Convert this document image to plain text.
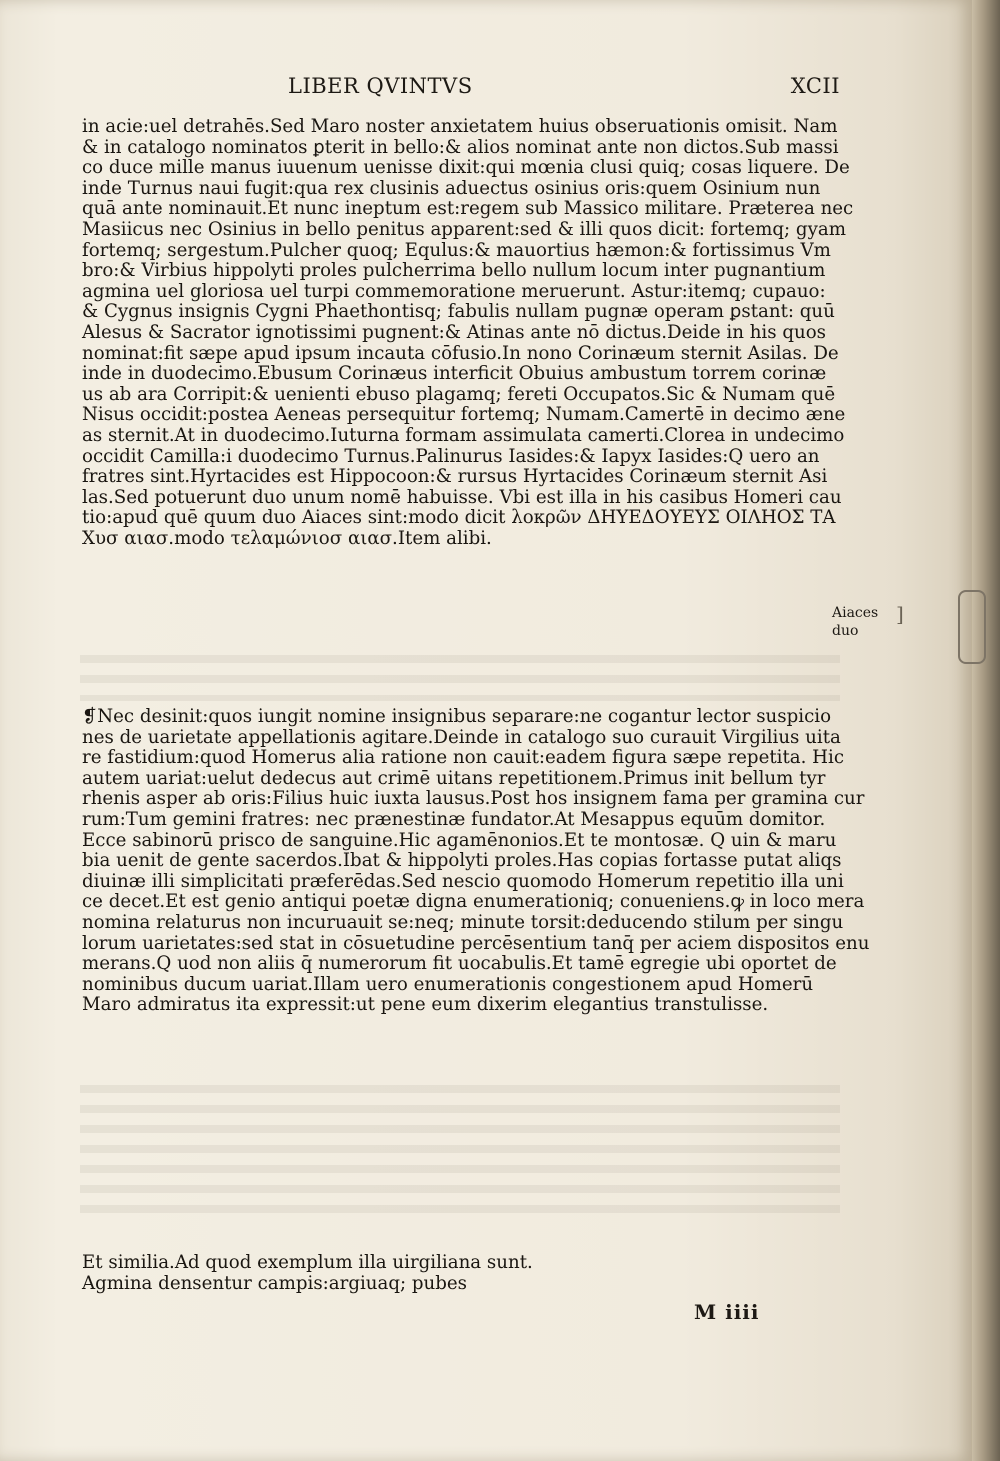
LIBER QVINTVS	XCII
in acie:uel detrahēs.Sed Maro noster anxietatem huius obseruationis omisit. Nam
& in catalogo nominatos ꝑterit in bello:& alios nominat ante non dictos.Sub massi
co duce mille manus iuuenum uenisse dixit:qui mœnia clusi quiq; cosas liquere. De
inde Turnus naui fugit:qua rex clusinis aduectus osinius oris:quem Osinium nun
quā ante nominauit.Et nunc ineptum est:regem sub Massico militare. Præterea nec
Masiicus nec Osinius in bello penitus apparent:sed & illi quos dicit: fortemq; gyam
fortemq; sergestum.Pulcher quoq; Equlus:& mauortius hæmon:& fortissimus Vm
bro:& Virbius hippolyti proles pulcherrima bello nullum locum inter pugnantium
agmina uel gloriosa uel turpi commemoratione meruerunt. Astur:itemq; cupauo:
& Cygnus insignis Cygni Phaethontisq; fabulis nullam pugnæ operam ꝑstant: quū
Alesus & Sacrator ignotissimi pugnent:& Atinas ante nō dictus.Deide in his quos
nominat:fit sæpe apud ipsum incauta cōfusio.In nono Corinæum sternit Asilas. De
inde in duodecimo.Ebusum Corinæus interficit Obuius ambustum torrem corinæ
us ab ara Corripit:& uenienti ebuso plagamq; fereti Occupatos.Sic & Numam quē
Nisus occidit:postea Aeneas persequitur fortemq; Numam.Camertē in decimo æne
as sternit.At in duodecimo.Iuturna formam assimulata camerti.Clorea in undecimo
occidit Camilla:i duodecimo Turnus.Palinurus Iasides:& Iapyx Iasides:Q uero an
fratres sint.Hyrtacides est Hippocoon:& rursus Hyrtacides Corinæum sternit Asi
las.Sed potuerunt duo unum nomē habuisse. Vbi est illa in his casibus Homeri cau
tio:apud quē quum duo Aiaces sint:modo dicit λοκρῶν ΔΗΥΕΔΟΥΕΥΣ ΟΙΛΗΟΣ ΤΑ
Χυσ αιασ.modo τελαμώνιοσ αιασ.Item alibi.
Aiaces
duo
]
❡Nec desinit:quos iungit nomine insignibus separare:ne cogantur lector suspicio
nes de uarietate appellationis agitare.Deinde in catalogo suo curauit Virgilius uita
re fastidium:quod Homerus alia ratione non cauit:eadem figura sæpe repetita. Hic
autem uariat:uelut dedecus aut crimē uitans repetitionem.Primus init bellum tyr
rhenis asper ab oris:Filius huic iuxta lausus.Post hos insignem fama per gramina cur
rum:Tum gemini fratres: nec prænestinæ fundator.At Mesappus equūm domitor.
Ecce sabinorū prisco de sanguine.Hic agamēnonios.Et te montosæ. Q uin & maru
bia uenit de gente sacerdos.Ibat & hippolyti proles.Has copias fortasse putat aliqs
diuinæ illi simplicitati præferēdas.Sed nescio quomodo Homerum repetitio illa uni
ce decet.Et est genio antiqui poetæ digna enumerationiq; conueniens.ꝙ in loco mera
nomina relaturus non incuruauit se:neq; minute torsit:deducendo stilum per singu
lorum uarietates:sed stat in cōsuetudine percēsentium tanq̄ per aciem dispositos enu
merans.Q uod non aliis q̄ numerorum fit uocabulis.Et tamē egregie ubi oportet de
nominibus ducum uariat.Illam uero enumerationis congestionem apud Homerū
Maro admiratus ita expressit:ut pene eum dixerim elegantius transtulisse.
Et similia.Ad quod exemplum illa uirgiliana sunt.
Agmina densentur campis:argiuaq; pubes
M iiii
